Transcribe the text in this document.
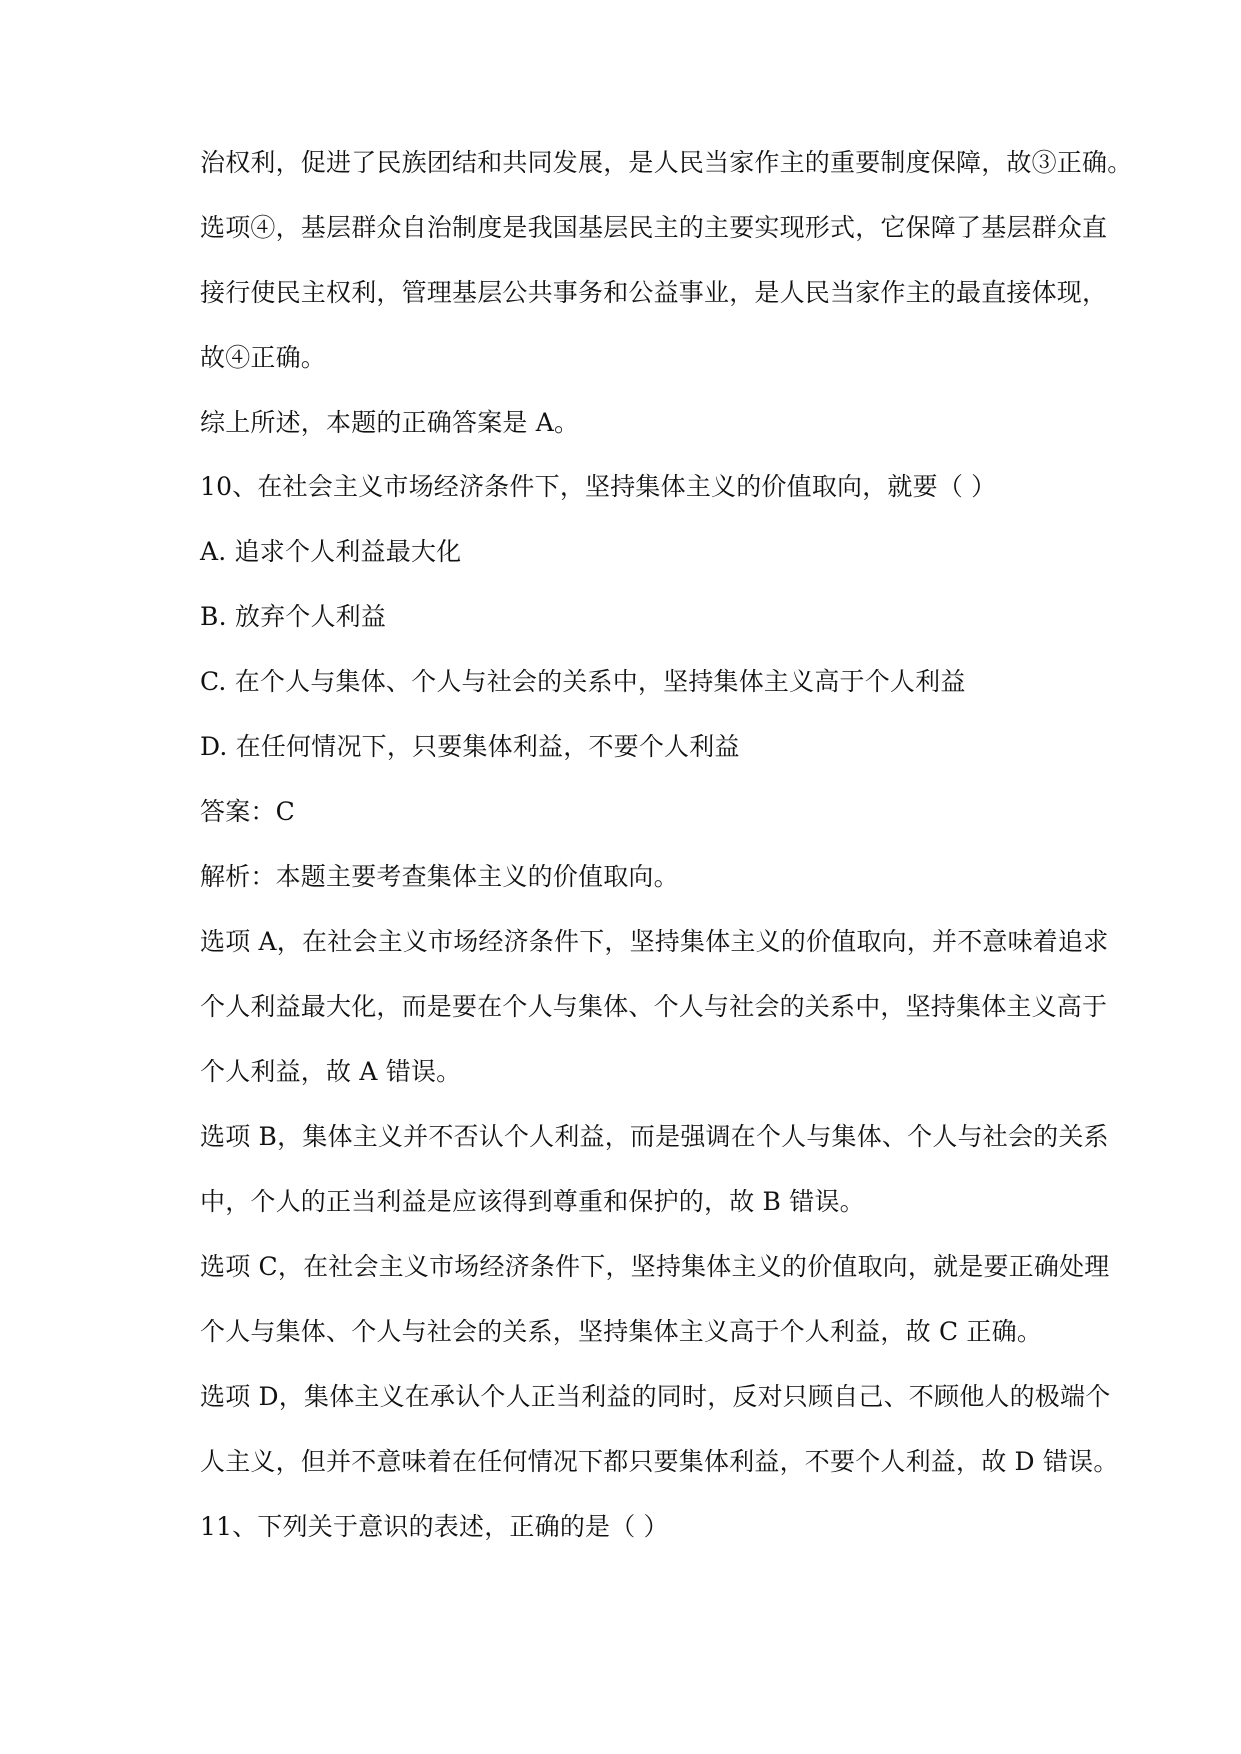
治权利，促进了民族团结和共同发展，是人民当家作主的重要制度保障，故③正确。
选项④，基层群众自治制度是我国基层民主的主要实现形式，它保障了基层群众直
接行使民主权利，管理基层公共事务和公益事业，是人民当家作主的最直接体现，
故④正确。
综上所述，本题的正确答案是 A。
10、在社会主义市场经济条件下，坚持集体主义的价值取向，就要（ ）
A. 追求个人利益最大化
B. 放弃个人利益
C. 在个人与集体、个人与社会的关系中，坚持集体主义高于个人利益
D. 在任何情况下，只要集体利益，不要个人利益
答案：C
解析：本题主要考查集体主义的价值取向。
选项 A，在社会主义市场经济条件下，坚持集体主义的价值取向，并不意味着追求
个人利益最大化，而是要在个人与集体、个人与社会的关系中，坚持集体主义高于
个人利益，故 A 错误。
选项 B，集体主义并不否认个人利益，而是强调在个人与集体、个人与社会的关系
中，个人的正当利益是应该得到尊重和保护的，故 B 错误。
选项 C，在社会主义市场经济条件下，坚持集体主义的价值取向，就是要正确处理
个人与集体、个人与社会的关系，坚持集体主义高于个人利益，故 C 正确。
选项 D，集体主义在承认个人正当利益的同时，反对只顾自己、不顾他人的极端个
人主义，但并不意味着在任何情况下都只要集体利益，不要个人利益，故 D 错误。
11、下列关于意识的表述，正确的是（ ）
